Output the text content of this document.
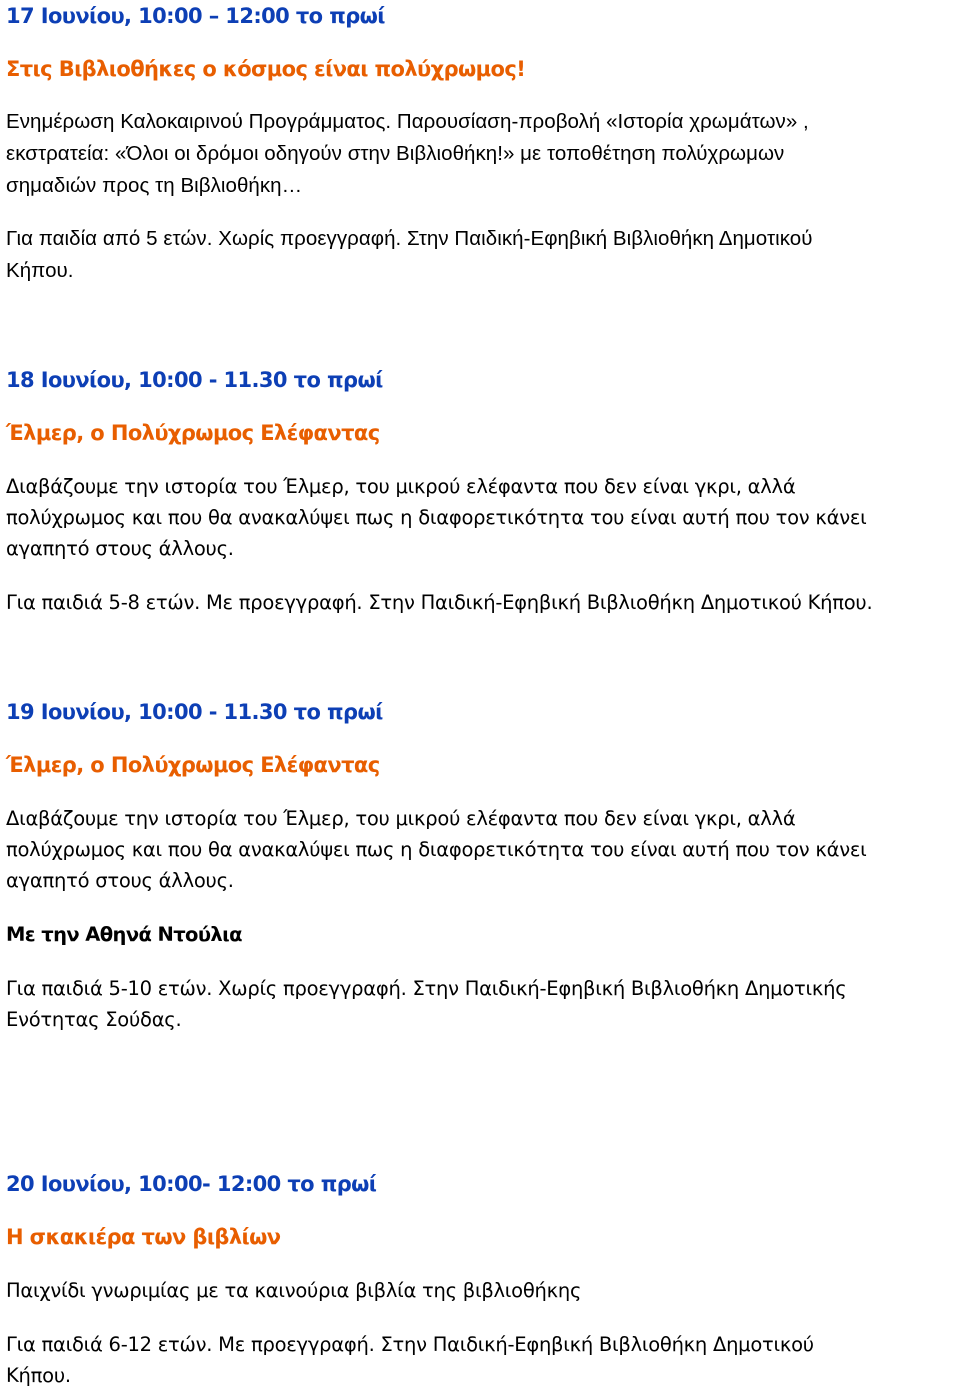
17 Ιουνίου, 10:00 – 12:00 το πρωί
Στις Βιβλιοθήκες ο κόσμος είναι πολύχρωμος!
Ενημέρωση Καλοκαιρινού Προγράμματος. Παρουσίαση-προβολή «Ιστορία χρωμάτων» ,
εκστρατεία: «Όλοι οι δρόμοι οδηγούν στην Βιβλιοθήκη!» με τοποθέτηση πολύχρωμων
σημαδιών προς τη Βιβλιοθήκη…
Για παιδία από 5 ετών. Χωρίς προεγγραφή. Στην Παιδική-Εφηβική Βιβλιοθήκη Δημοτικού
Κήπου.
18 Ιουνίου, 10:00 - 11.30 το πρωί
Έλμερ, ο Πολύχρωμος Ελέφαντας
Διαβάζουμε την ιστορία του Έλμερ, του μικρού ελέφαντα που δεν είναι γκρι, αλλά
πολύχρωμος και που θα ανακαλύψει πως η διαφορετικότητα του είναι αυτή που τον κάνει
αγαπητό στους άλλους.
Για παιδιά 5-8 ετών. Με προεγγραφή. Στην Παιδική-Εφηβική Βιβλιοθήκη Δημοτικού Κήπου.
19 Ιουνίου, 10:00 - 11.30 το πρωί
Έλμερ, ο Πολύχρωμος Ελέφαντας
Διαβάζουμε την ιστορία του Έλμερ, του μικρού ελέφαντα που δεν είναι γκρι, αλλά
πολύχρωμος και που θα ανακαλύψει πως η διαφορετικότητα του είναι αυτή που τον κάνει
αγαπητό στους άλλους.
Με την Αθηνά Ντούλια
Για παιδιά 5-10 ετών. Χωρίς προεγγραφή. Στην Παιδική-Εφηβική Βιβλιοθήκη Δημοτικής
Ενότητας Σούδας.
20 Ιουνίου, 10:00- 12:00 το πρωί
Η σκακιέρα των βιβλίων
Παιχνίδι γνωριμίας με τα καινούρια βιβλία της βιβλιοθήκης
Για παιδιά 6-12 ετών. Με προεγγραφή. Στην Παιδική-Εφηβική Βιβλιοθήκη Δημοτικού
Κήπου.
